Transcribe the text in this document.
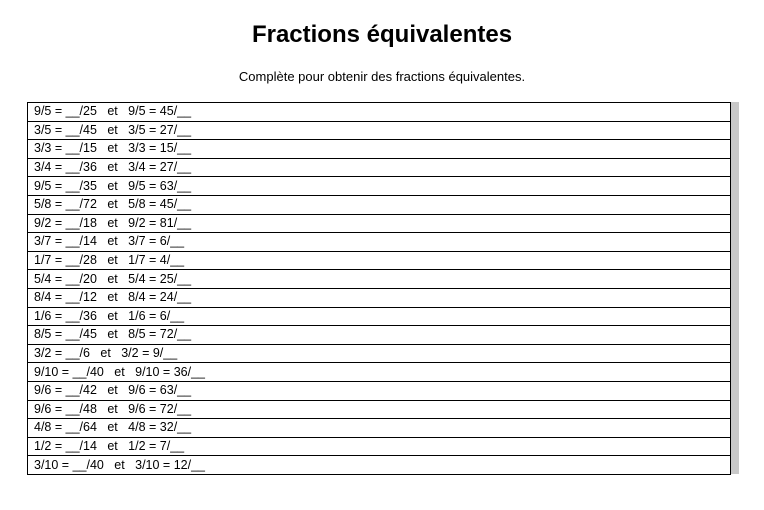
Fractions équivalentes
Complète pour obtenir des fractions équivalentes.
9/5 = __/25   et   9/5 = 45/__
3/5 = __/45   et   3/5 = 27/__
3/3 = __/15   et   3/3 = 15/__
3/4 = __/36   et   3/4 = 27/__
9/5 = __/35   et   9/5 = 63/__
5/8 = __/72   et   5/8 = 45/__
9/2 = __/18   et   9/2 = 81/__
3/7 = __/14   et   3/7 = 6/__
1/7 = __/28   et   1/7 = 4/__
5/4 = __/20   et   5/4 = 25/__
8/4 = __/12   et   8/4 = 24/__
1/6 = __/36   et   1/6 = 6/__
8/5 = __/45   et   8/5 = 72/__
3/2 = __/6   et   3/2 = 9/__
9/10 = __/40   et   9/10 = 36/__
9/6 = __/42   et   9/6 = 63/__
9/6 = __/48   et   9/6 = 72/__
4/8 = __/64   et   4/8 = 32/__
1/2 = __/14   et   1/2 = 7/__
3/10 = __/40   et   3/10 = 12/__
